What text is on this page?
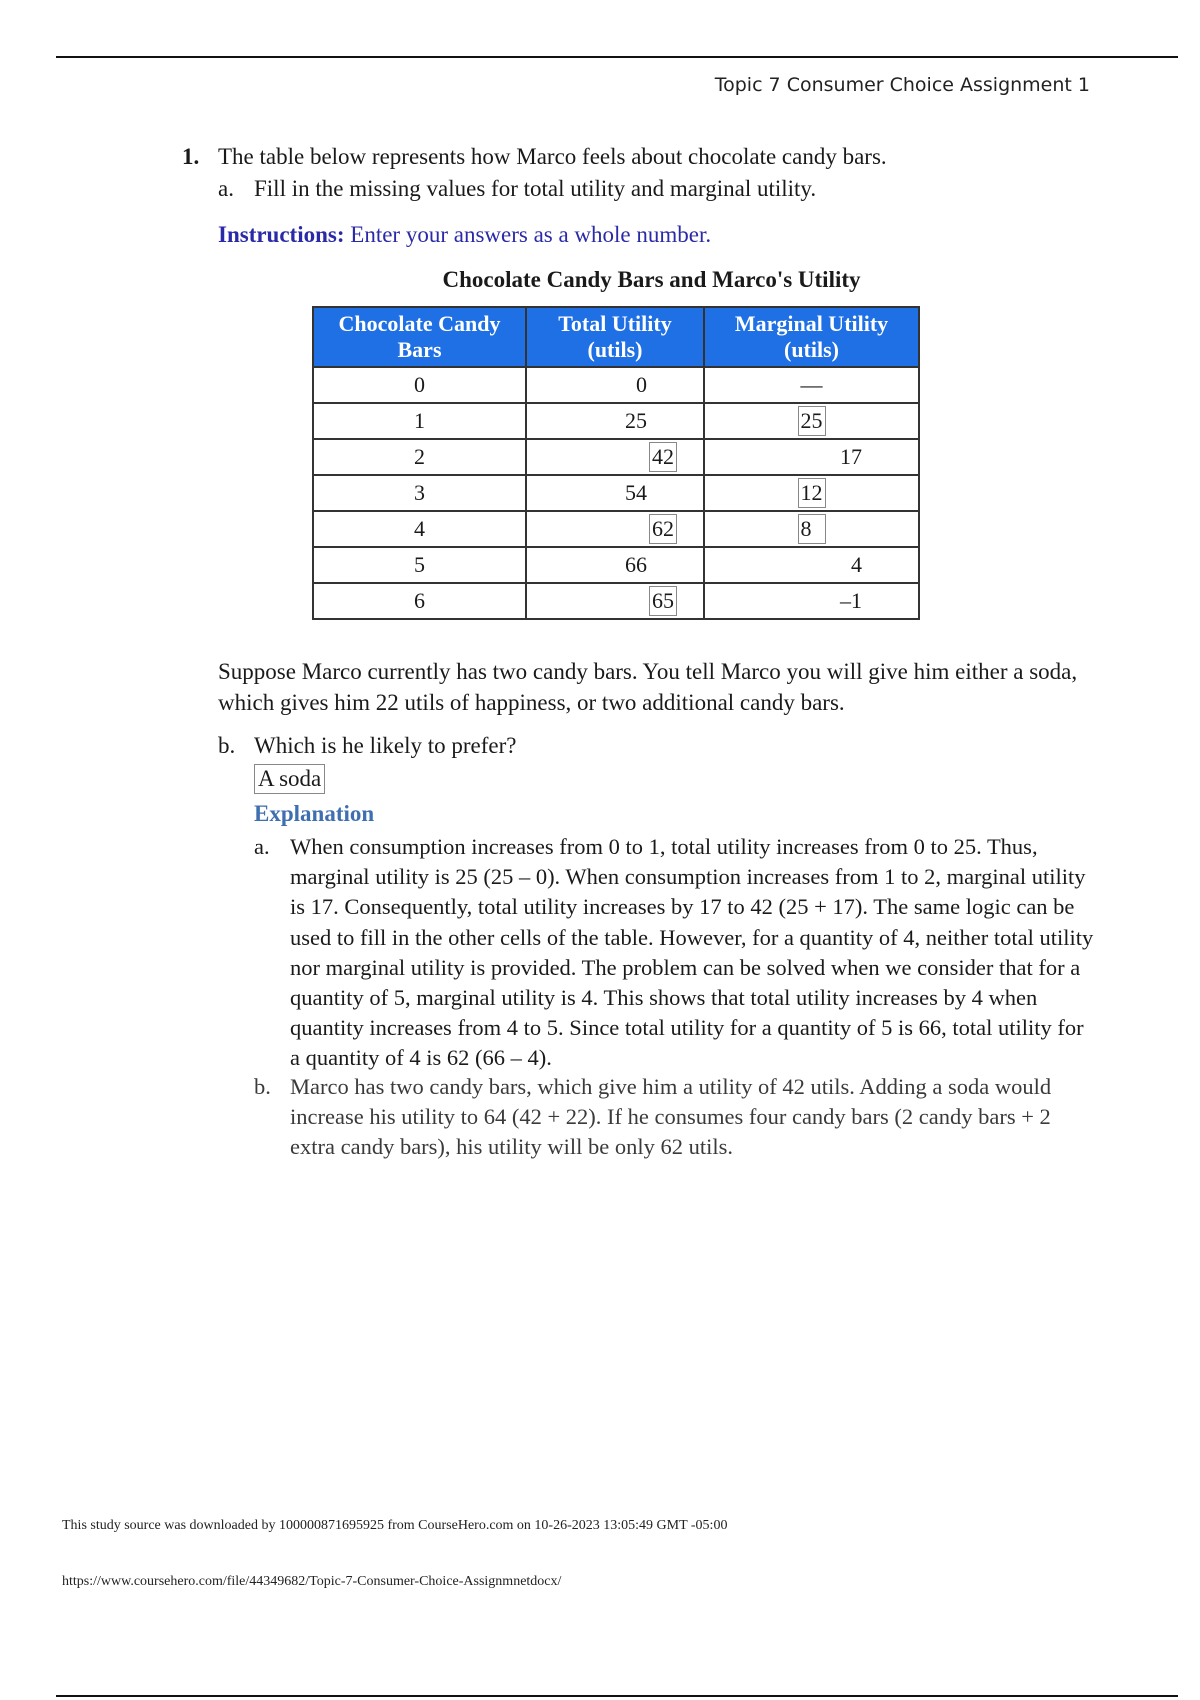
Topic 7 Consumer Choice Assignment 1
1. The table below represents how Marco feels about chocolate candy bars.
a. Fill in the missing values for total utility and marginal utility.
Instructions: Enter your answers as a whole number.
Chocolate Candy Bars and Marco's Utility
Chocolate Candy Bars	Total Utility (utils)	Marginal Utility (utils)
0	0	—
1	25	25
2	42	17
3	54	12
4	62	8
5	66	4
6	65	–1
Suppose Marco currently has two candy bars. You tell Marco you will give him either a soda, which gives him 22 utils of happiness, or two additional candy bars.
b. Which is he likely to prefer?
A soda
Explanation
a. When consumption increases from 0 to 1, total utility increases from 0 to 25. Thus, marginal utility is 25 (25 – 0). When consumption increases from 1 to 2, marginal utility is 17. Consequently, total utility increases by 17 to 42 (25 + 17). The same logic can be used to fill in the other cells of the table. However, for a quantity of 4, neither total utility nor marginal utility is provided. The problem can be solved when we consider that for a quantity of 5, marginal utility is 4. This shows that total utility increases by 4 when quantity increases from 4 to 5. Since total utility for a quantity of 5 is 66, total utility for a quantity of 4 is 62 (66 – 4).
b. Marco has two candy bars, which give him a utility of 42 utils. Adding a soda would increase his utility to 64 (42 + 22). If he consumes four candy bars (2 candy bars + 2 extra candy bars), his utility will be only 62 utils.
This study source was downloaded by 100000871695925 from CourseHero.com on 10-26-2023 13:05:49 GMT -05:00
https://www.coursehero.com/file/44349682/Topic-7-Consumer-Choice-Assignmnetdocx/
